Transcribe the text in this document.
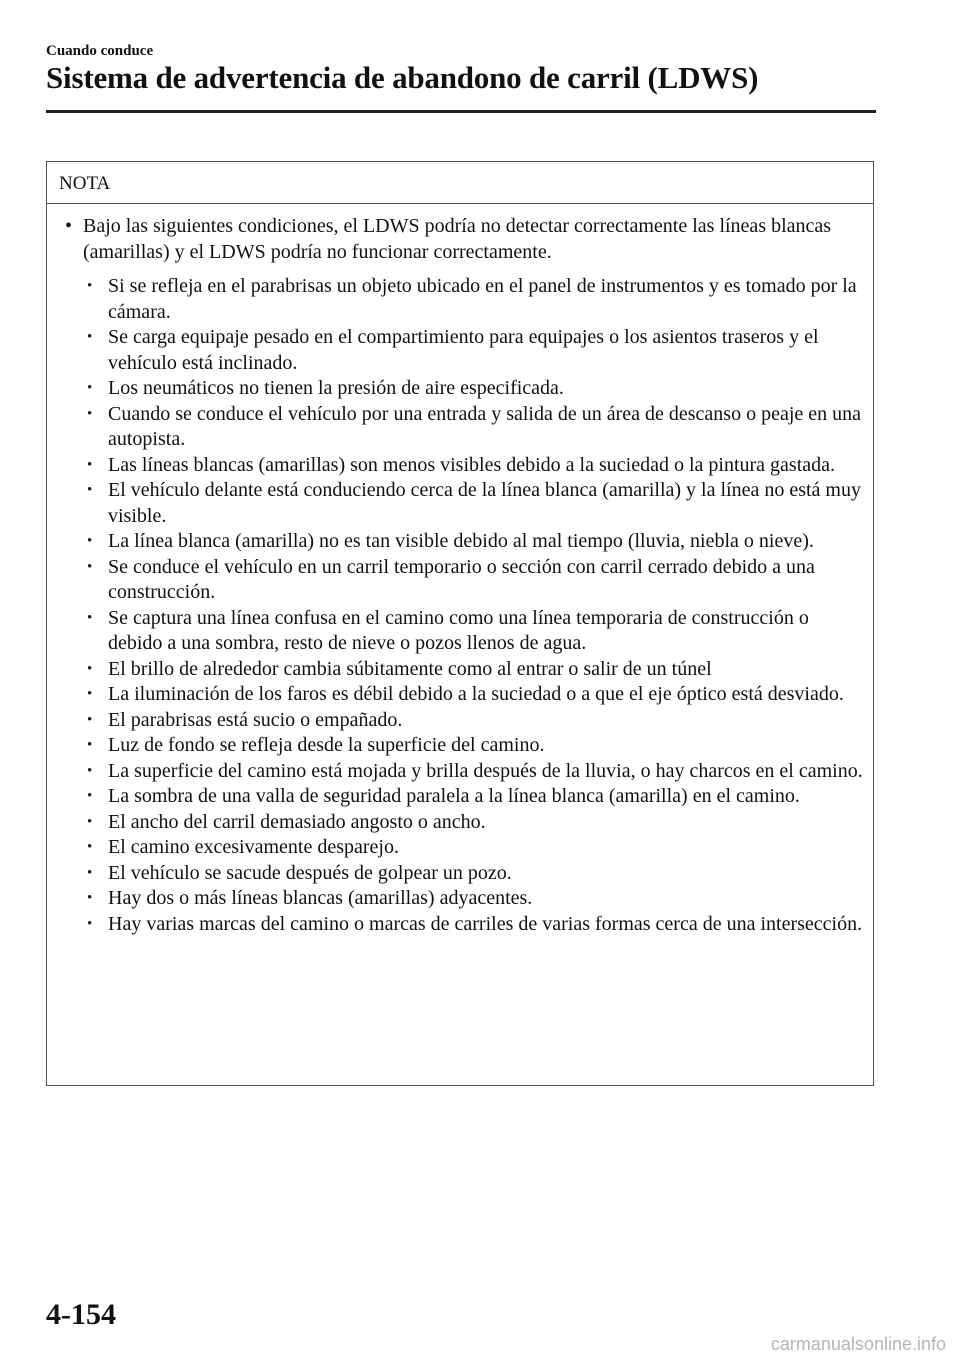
Cuando conduce
Sistema de advertencia de abandono de carril (LDWS)
NOTA
• Bajo las siguientes condiciones, el LDWS podría no detectar correctamente las líneas blancas (amarillas) y el LDWS podría no funcionar correctamente.
• Si se refleja en el parabrisas un objeto ubicado en el panel de instrumentos y es tomado por la cámara.
• Se carga equipaje pesado en el compartimiento para equipajes o los asientos traseros y el vehículo está inclinado.
• Los neumáticos no tienen la presión de aire especificada.
• Cuando se conduce el vehículo por una entrada y salida de un área de descanso o peaje en una autopista.
• Las líneas blancas (amarillas) son menos visibles debido a la suciedad o la pintura gastada.
• El vehículo delante está conduciendo cerca de la línea blanca (amarilla) y la línea no está muy visible.
• La línea blanca (amarilla) no es tan visible debido al mal tiempo (lluvia, niebla o nieve).
• Se conduce el vehículo en un carril temporario o sección con carril cerrado debido a una construcción.
• Se captura una línea confusa en el camino como una línea temporaria de construcción o debido a una sombra, resto de nieve o pozos llenos de agua.
• El brillo de alrededor cambia súbitamente como al entrar o salir de un túnel
• La iluminación de los faros es débil debido a la suciedad o a que el eje óptico está desviado.
• El parabrisas está sucio o empañado.
• Luz de fondo se refleja desde la superficie del camino.
• La superficie del camino está mojada y brilla después de la lluvia, o hay charcos en el camino.
• La sombra de una valla de seguridad paralela a la línea blanca (amarilla) en el camino.
• El ancho del carril demasiado angosto o ancho.
• El camino excesivamente desparejo.
• El vehículo se sacude después de golpear un pozo.
• Hay dos o más líneas blancas (amarillas) adyacentes.
• Hay varias marcas del camino o marcas de carriles de varias formas cerca de una intersección.
4-154
carmanualsonline.info
